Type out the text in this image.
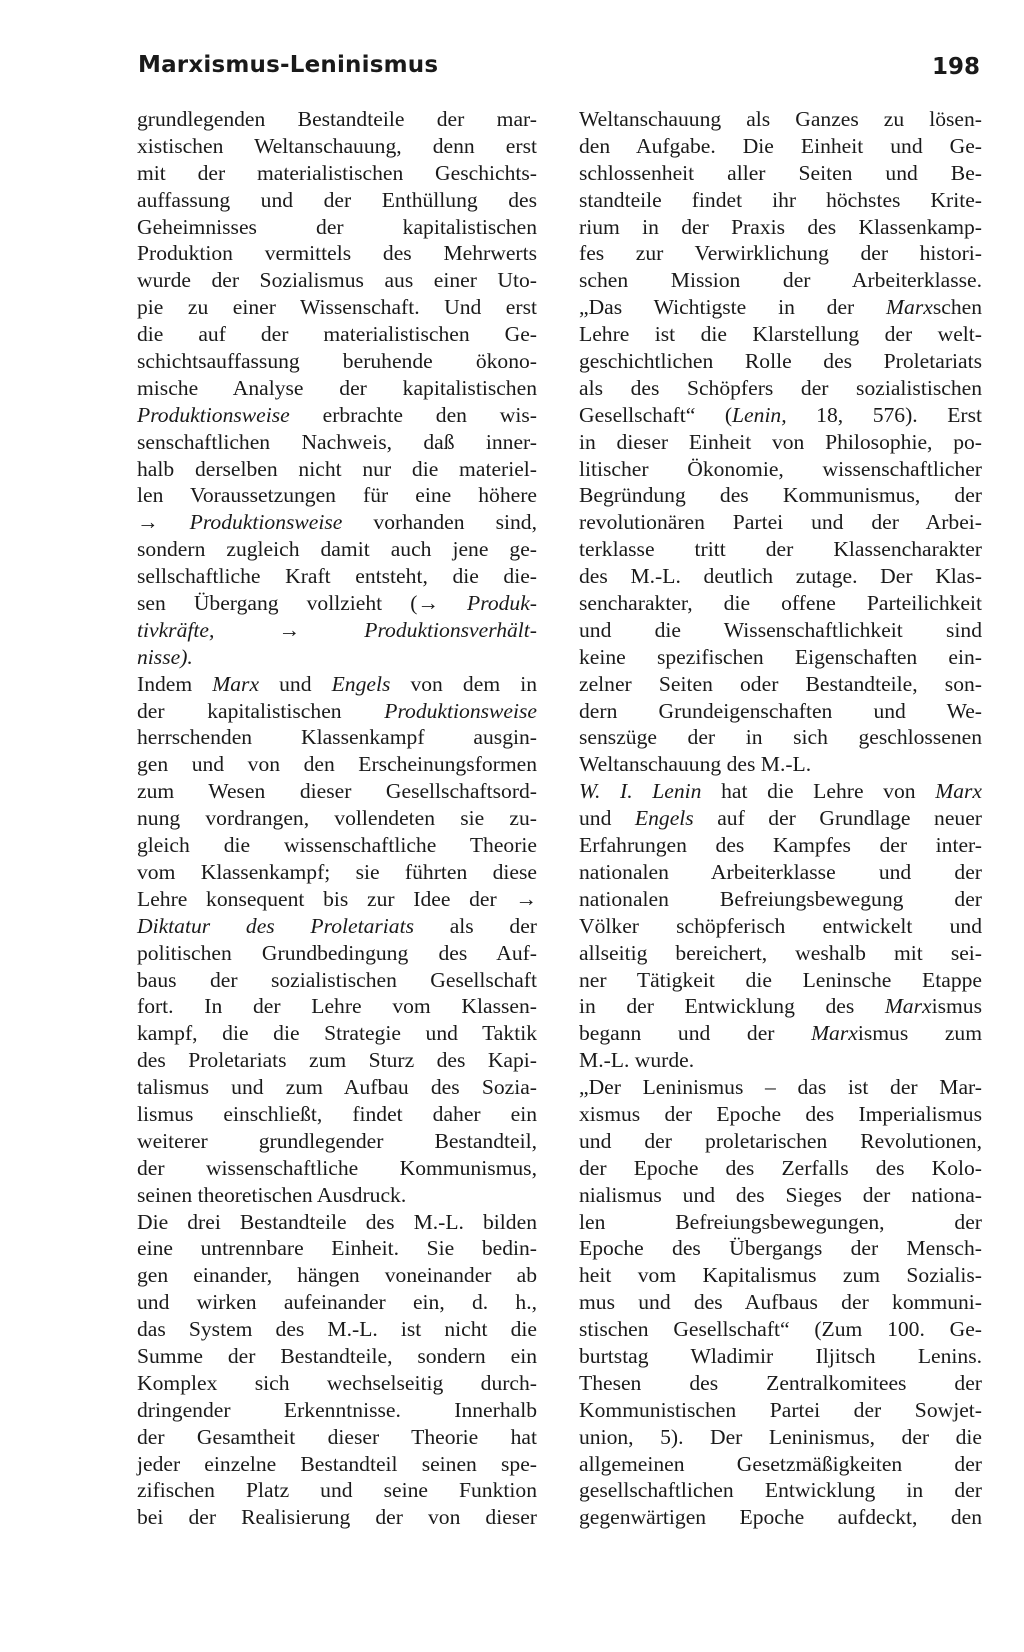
Marxismus-Leninismus	198
grundlegenden Bestandteile der mar-
xistischen Weltanschauung, denn erst
mit der materialistischen Geschichts-
auffassung und der Enthüllung des
Geheimnisses der kapitalistischen
Produktion vermittels des Mehrwerts
wurde der Sozialismus aus einer Uto-
pie zu einer Wissenschaft. Und erst
die auf der materialistischen Ge-
schichtsauffassung beruhende ökono-
mische Analyse der kapitalistischen
Produktionsweise erbrachte den wis-
senschaftlichen Nachweis, daß inner-
halb derselben nicht nur die materiel-
len Voraussetzungen für eine höhere
→ Produktionsweise vorhanden sind,
sondern zugleich damit auch jene ge-
sellschaftliche Kraft entsteht, die die-
sen Übergang vollzieht (→ Produk-
tivkräfte, → Produktionsverhält-
nisse).
Indem Marx und Engels von dem in
der kapitalistischen Produktionsweise
herrschenden Klassenkampf ausgin-
gen und von den Erscheinungsformen
zum Wesen dieser Gesellschaftsord-
nung vordrangen, vollendeten sie zu-
gleich die wissenschaftliche Theorie
vom Klassenkampf; sie führten diese
Lehre konsequent bis zur Idee der →
Diktatur des Proletariats als der
politischen Grundbedingung des Auf-
baus der sozialistischen Gesellschaft
fort. In der Lehre vom Klassen-
kampf, die die Strategie und Taktik
des Proletariats zum Sturz des Kapi-
talismus und zum Aufbau des Sozia-
lismus einschließt, findet daher ein
weiterer grundlegender Bestandteil,
der wissenschaftliche Kommunismus,
seinen theoretischen Ausdruck.
Die drei Bestandteile des M.-L. bilden
eine untrennbare Einheit. Sie bedin-
gen einander, hängen voneinander ab
und wirken aufeinander ein, d. h.,
das System des M.-L. ist nicht die
Summe der Bestandteile, sondern ein
Komplex sich wechselseitig durch-
dringender Erkenntnisse. Innerhalb
der Gesamtheit dieser Theorie hat
jeder einzelne Bestandteil seinen spe-
zifischen Platz und seine Funktion
bei der Realisierung der von dieser
Weltanschauung als Ganzes zu lösen-
den Aufgabe. Die Einheit und Ge-
schlossenheit aller Seiten und Be-
standteile findet ihr höchstes Krite-
rium in der Praxis des Klassenkamp-
fes zur Verwirklichung der histori-
schen Mission der Arbeiterklasse.
„Das Wichtigste in der Marxschen
Lehre ist die Klarstellung der welt-
geschichtlichen Rolle des Proletariats
als des Schöpfers der sozialistischen
Gesellschaft“ (Lenin, 18, 576). Erst
in dieser Einheit von Philosophie, po-
litischer Ökonomie, wissenschaftlicher
Begründung des Kommunismus, der
revolutionären Partei und der Arbei-
terklasse tritt der Klassencharakter
des M.-L. deutlich zutage. Der Klas-
sencharakter, die offene Parteilichkeit
und die Wissenschaftlichkeit sind
keine spezifischen Eigenschaften ein-
zelner Seiten oder Bestandteile, son-
dern Grundeigenschaften und We-
senszüge der in sich geschlossenen
Weltanschauung des M.-L.
W. I. Lenin hat die Lehre von Marx
und Engels auf der Grundlage neuer
Erfahrungen des Kampfes der inter-
nationalen Arbeiterklasse und der
nationalen Befreiungsbewegung der
Völker schöpferisch entwickelt und
allseitig bereichert, weshalb mit sei-
ner Tätigkeit die Leninsche Etappe
in der Entwicklung des Marxismus
begann und der Marxismus zum
M.-L. wurde.
„Der Leninismus – das ist der Mar-
xismus der Epoche des Imperialismus
und der proletarischen Revolutionen,
der Epoche des Zerfalls des Kolo-
nialismus und des Sieges der nationa-
len Befreiungsbewegungen, der
Epoche des Übergangs der Mensch-
heit vom Kapitalismus zum Sozialis-
mus und des Aufbaus der kommuni-
stischen Gesellschaft“ (Zum 100. Ge-
burtstag Wladimir Iljitsch Lenins.
Thesen des Zentralkomitees der
Kommunistischen Partei der Sowjet-
union, 5). Der Leninismus, der die
allgemeinen Gesetzmäßigkeiten der
gesellschaftlichen Entwicklung in der
gegenwärtigen Epoche aufdeckt, den
